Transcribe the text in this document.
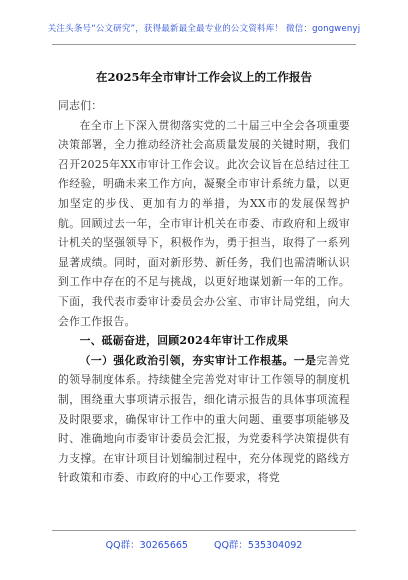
关注头条号“公文研究”，获得最新最全最专业的公文资料库！ 微信：gongwenyj
在2025年全市审计工作会议上的工作报告

同志们：

在全市上下深入贯彻落实党的二十届三中全会各项重要决策部署，全力推动经济社会高质量发展的关键时期，我们召开2025年XX市审计工作会议。此次会议旨在总结过往工作经验，明确未来工作方向，凝聚全市审计系统力量，以更加坚定的步伐、更加有力的举措，为XX市的发展保驾护航。回顾过去一年，全市审计机关在市委、市政府和上级审计机关的坚强领导下，积极作为，勇于担当，取得了一系列显著成绩。同时，面对新形势、新任务，我们也需清晰认识到工作中存在的不足与挑战，以更好地谋划新一年的工作。下面，我代表市委审计委员会办公室、市审计局党组，向大会作工作报告。

一、砥砺奋进，回顾2024年审计工作成果

（一）强化政治引领，夯实审计工作根基。一是完善党的领导制度体系。持续健全完善党对审计工作领导的制度机制，围绕重大事项请示报告，细化请示报告的具体事项流程及时限要求，确保审计工作中的重大问题、重要事项能够及时、准确地向市委审计委员会汇报，为党委科学决策提供有力支撑。在审计项目计划编制过程中，充分体现党的路线方针政策和市委、市政府的中心工作要求，将党

QQ群：30265665	QQ群：535304092
